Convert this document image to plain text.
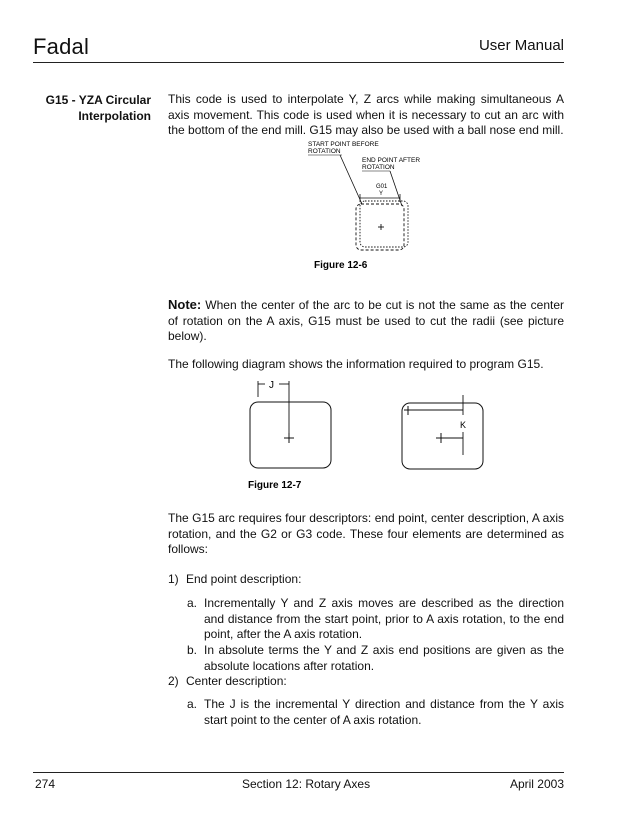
Fadal	User Manual
G15 - YZA Circular
Interpolation
This code is used to interpolate Y, Z arcs while making simultaneous A axis movement. This code is used when it is necessary to cut an arc with the bottom of the end mill. G15 may also be used with a ball nose end mill.
START POINT BEFORE
ROTATION
END POINT AFTER
ROTATION
G01
Y
Figure 12-6
Note: When the center of the arc to be cut is not the same as the center of rotation on the A axis, G15 must be used to cut the radii (see picture below).
The following diagram shows the information required to program G15.
J
K
Figure 12-7
The G15 arc requires four descriptors: end point, center description, A axis rotation, and the G2 or G3 code. These four elements are determined as follows:
1) End point description:
a. Incrementally Y and Z axis moves are described as the direction and distance from the start point, prior to A axis rotation, to the end point, after the A axis rotation.
b. In absolute terms the Y and Z axis end positions are given as the absolute locations after rotation.
2) Center description:
a. The J is the incremental Y direction and distance from the Y axis start point to the center of A axis rotation.
274	Section 12: Rotary Axes	April 2003
